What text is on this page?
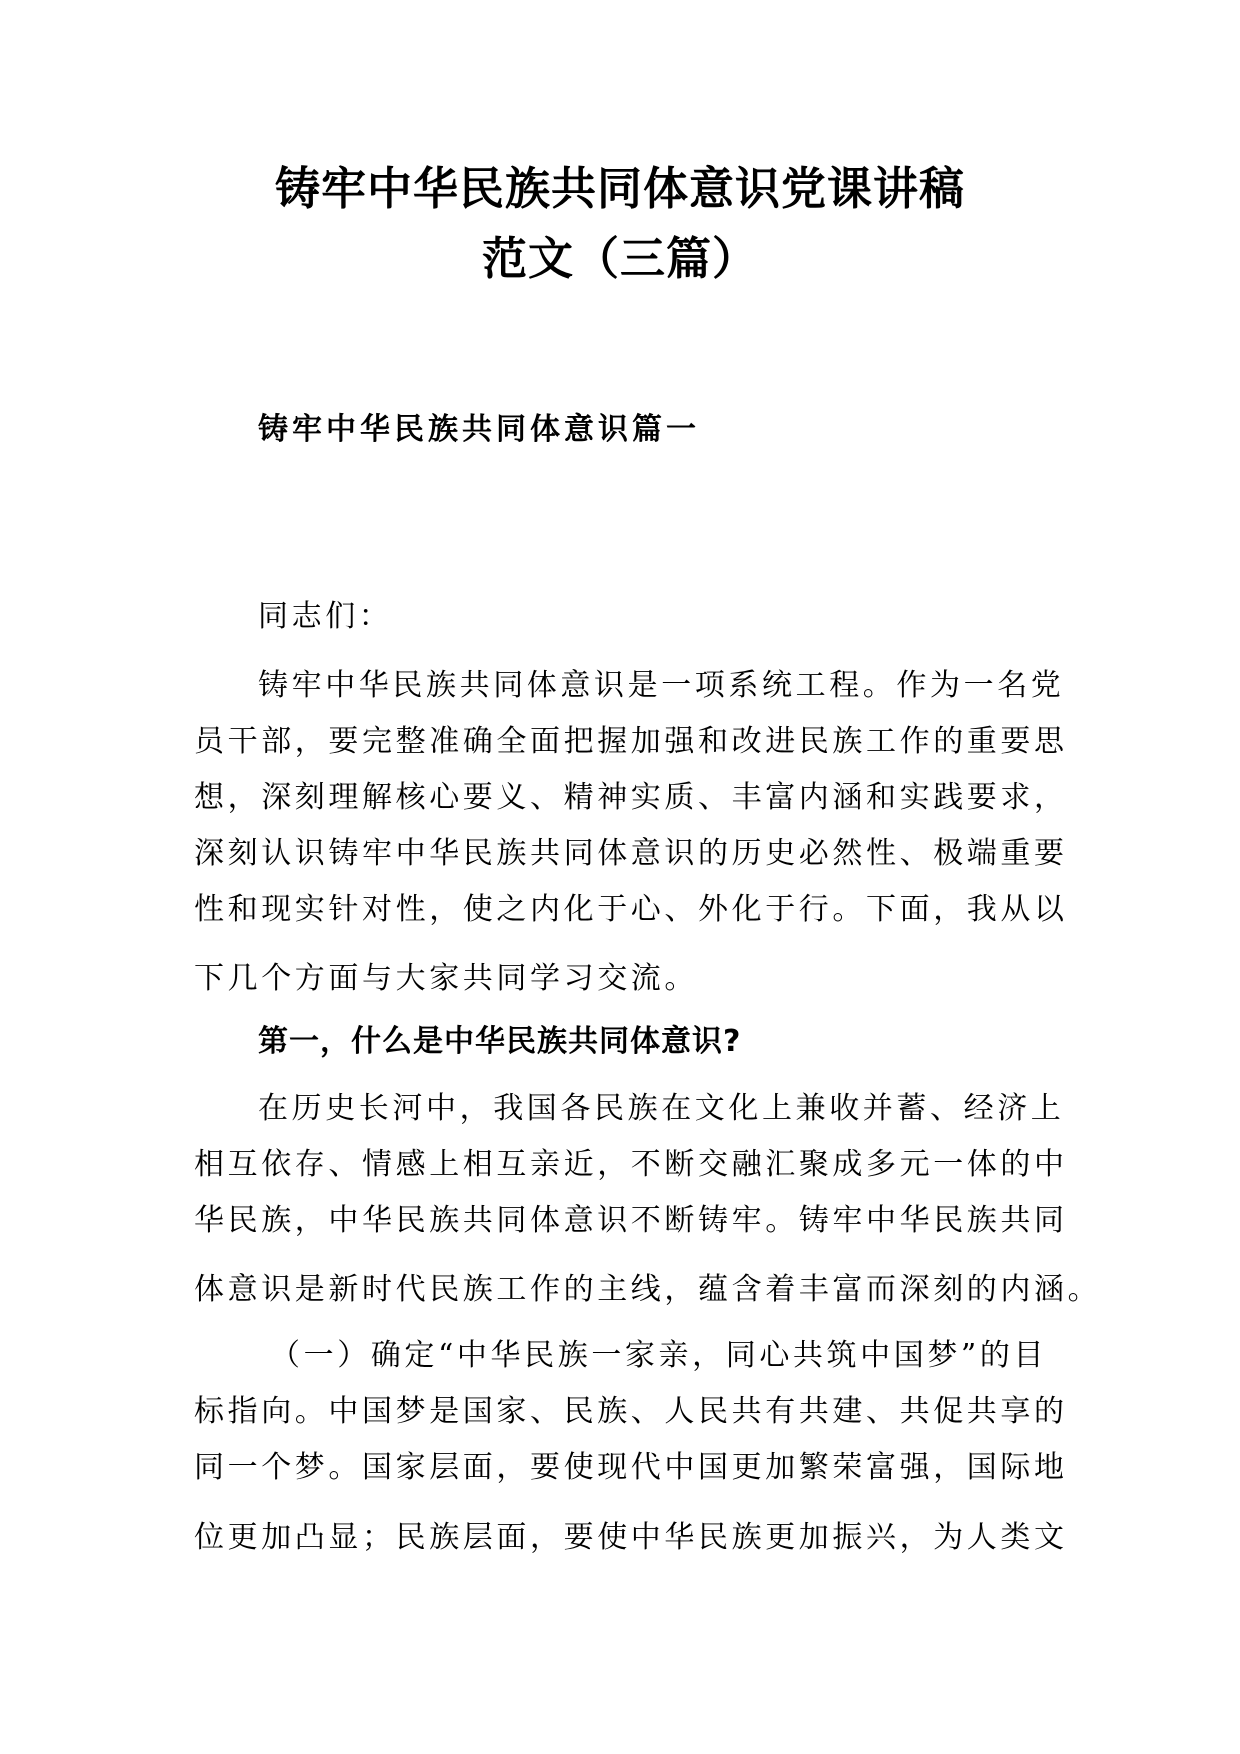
铸牢中华民族共同体意识党课讲稿
范文（三篇）
铸牢中华民族共同体意识篇一
同志们：
铸牢中华民族共同体意识是一项系统工程。作为一名党
员干部，要完整准确全面把握加强和改进民族工作的重要思
想，深刻理解核心要义、精神实质、丰富内涵和实践要求，
深刻认识铸牢中华民族共同体意识的历史必然性、极端重要
性和现实针对性，使之内化于心、外化于行。下面，我从以
下几个方面与大家共同学习交流。
第一，什么是中华民族共同体意识?
在历史长河中，我国各民族在文化上兼收并蓄、经济上
相互依存、情感上相互亲近，不断交融汇聚成多元一体的中
华民族，中华民族共同体意识不断铸牢。铸牢中华民族共同
体意识是新时代民族工作的主线，蕴含着丰富而深刻的内涵。
（一）确定“中华民族一家亲，同心共筑中国梦”的目
标指向。中国梦是国家、民族、人民共有共建、共促共享的
同一个梦。国家层面，要使现代中国更加繁荣富强，国际地
位更加凸显；民族层面，要使中华民族更加振兴，为人类文
